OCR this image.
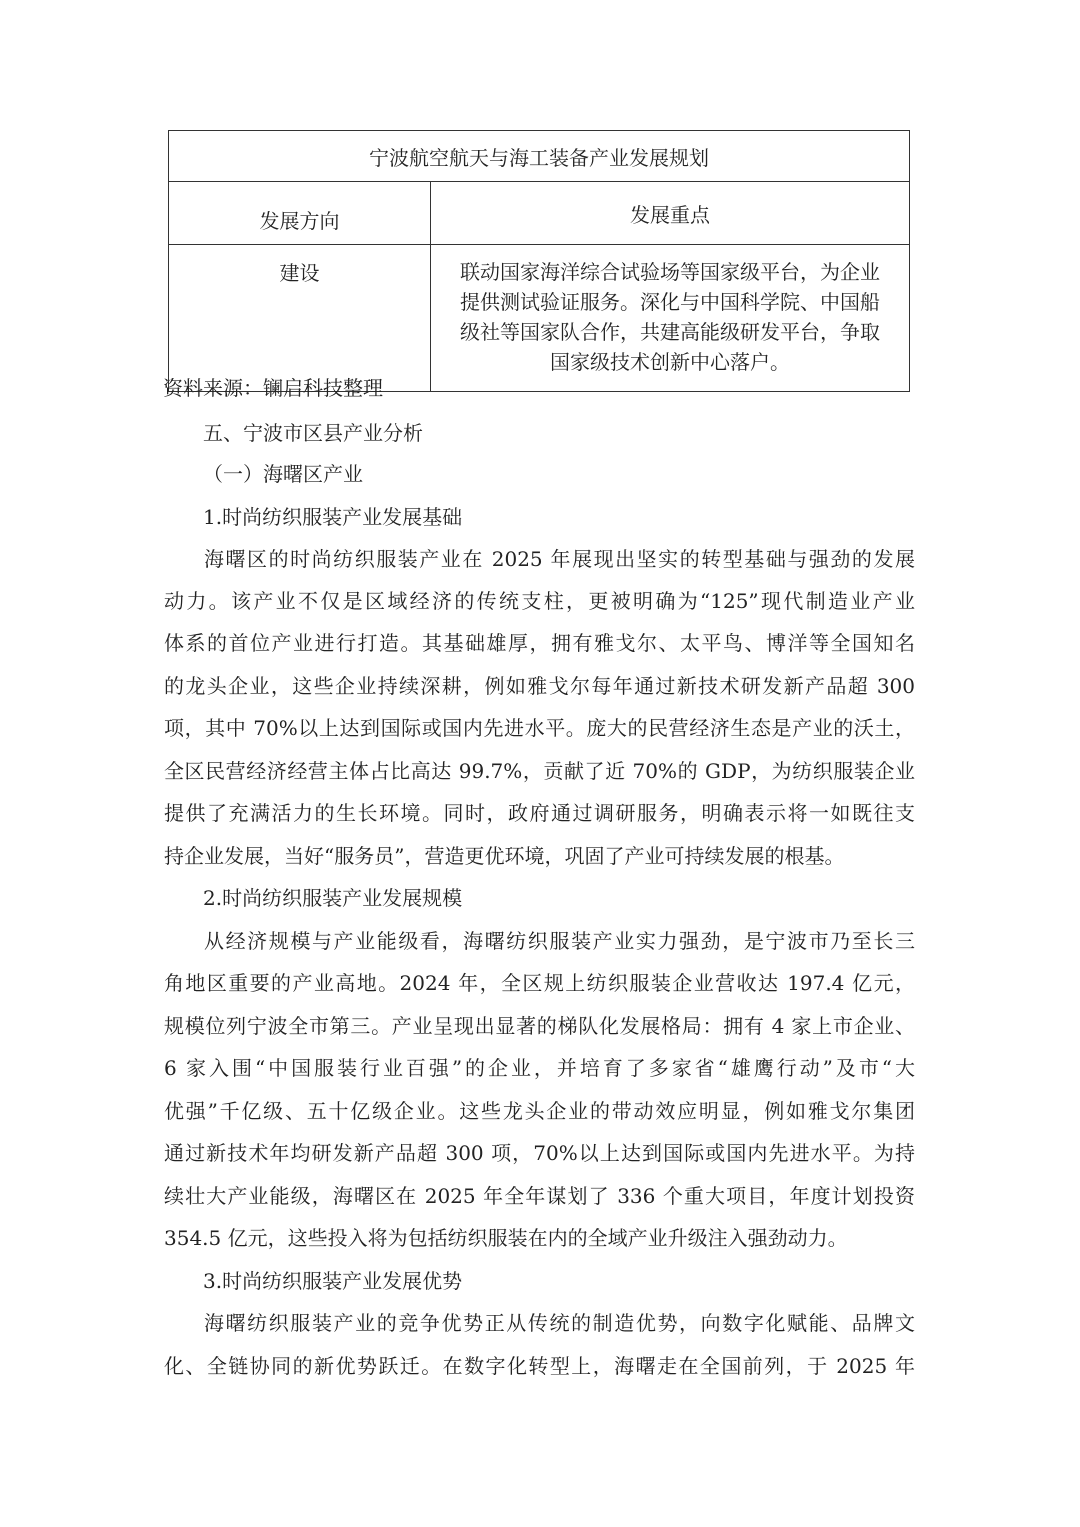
宁波航空航天与海工装备产业发展规划	
发展方向	发展重点
建设	联动国家海洋综合试验场等国家级平台，为企业
提供测试验证服务。深化与中国科学院、中国船
级社等国家队合作，共建高能级研发平台，争取
国家级技术创新中心落户。
资料来源：镧启科技整理
五、宁波市区县产业分析
（一）海曙区产业
1.时尚纺织服装产业发展基础
海曙区的时尚纺织服装产业在 2025 年展现出坚实的转型基础与强劲的发展
动力。该产业不仅是区域经济的传统支柱，更被明确为“125”现代制造业产业
体系的首位产业进行打造。其基础雄厚，拥有雅戈尔、太平鸟、博洋等全国知名
的龙头企业，这些企业持续深耕，例如雅戈尔每年通过新技术研发新产品超 300
项，其中 70%以上达到国际或国内先进水平。庞大的民营经济生态是产业的沃土，
全区民营经济经营主体占比高达 99.7%，贡献了近 70%的 GDP，为纺织服装企业
提供了充满活力的生长环境。同时，政府通过调研服务，明确表示将一如既往支
持企业发展，当好“服务员”，营造更优环境，巩固了产业可持续发展的根基。
2.时尚纺织服装产业发展规模
从经济规模与产业能级看，海曙纺织服装产业实力强劲，是宁波市乃至长三
角地区重要的产业高地。2024 年，全区规上纺织服装企业营收达 197.4 亿元，
规模位列宁波全市第三。产业呈现出显著的梯队化发展格局：拥有 4 家上市企业、
6 家入围“中国服装行业百强”的企业，并培育了多家省“雄鹰行动”及市“大
优强”千亿级、五十亿级企业。这些龙头企业的带动效应明显，例如雅戈尔集团
通过新技术年均研发新产品超 300 项，70%以上达到国际或国内先进水平。为持
续壮大产业能级，海曙区在 2025 年全年谋划了 336 个重大项目，年度计划投资
354.5 亿元，这些投入将为包括纺织服装在内的全域产业升级注入强劲动力。
3.时尚纺织服装产业发展优势
海曙纺织服装产业的竞争优势正从传统的制造优势，向数字化赋能、品牌文
化、全链协同的新优势跃迁。在数字化转型上，海曙走在全国前列，于 2025 年
